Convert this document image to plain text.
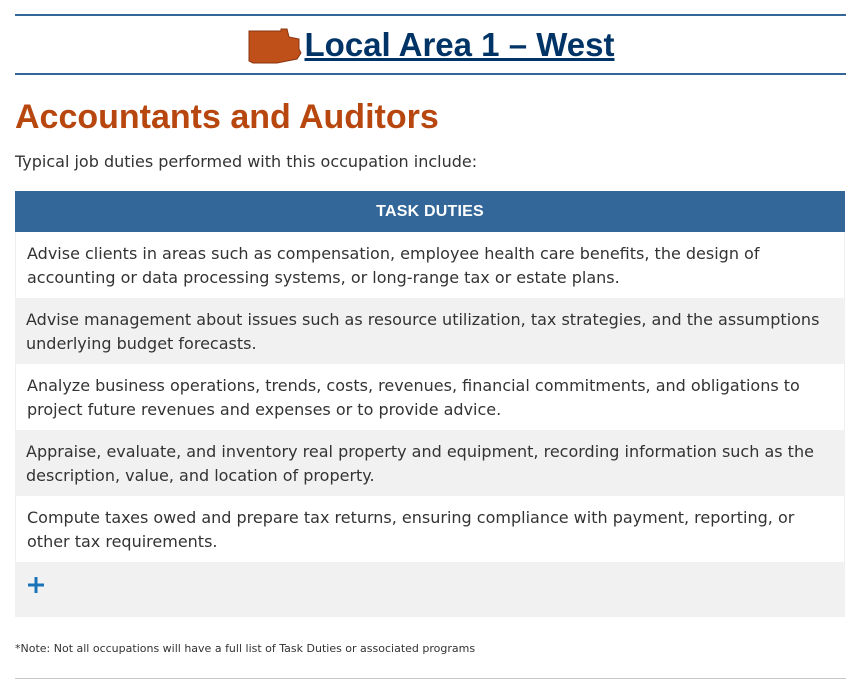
Local Area 1 – West
Accountants and Auditors

Typical job duties performed with this occupation include:

TASK DUTIES
Advise clients in areas such as compensation, employee health care benefits, the design of accounting or data processing systems, or long-range tax or estate plans.
Advise management about issues such as resource utilization, tax strategies, and the assumptions underlying budget forecasts.
Analyze business operations, trends, costs, revenues, financial commitments, and obligations to project future revenues and expenses or to provide advice.
Appraise, evaluate, and inventory real property and equipment, recording information such as the description, value, and location of property.
Compute taxes owed and prepare tax returns, ensuring compliance with payment, reporting, or other tax requirements.

*Note: Not all occupations will have a full list of Task Duties or associated programs
